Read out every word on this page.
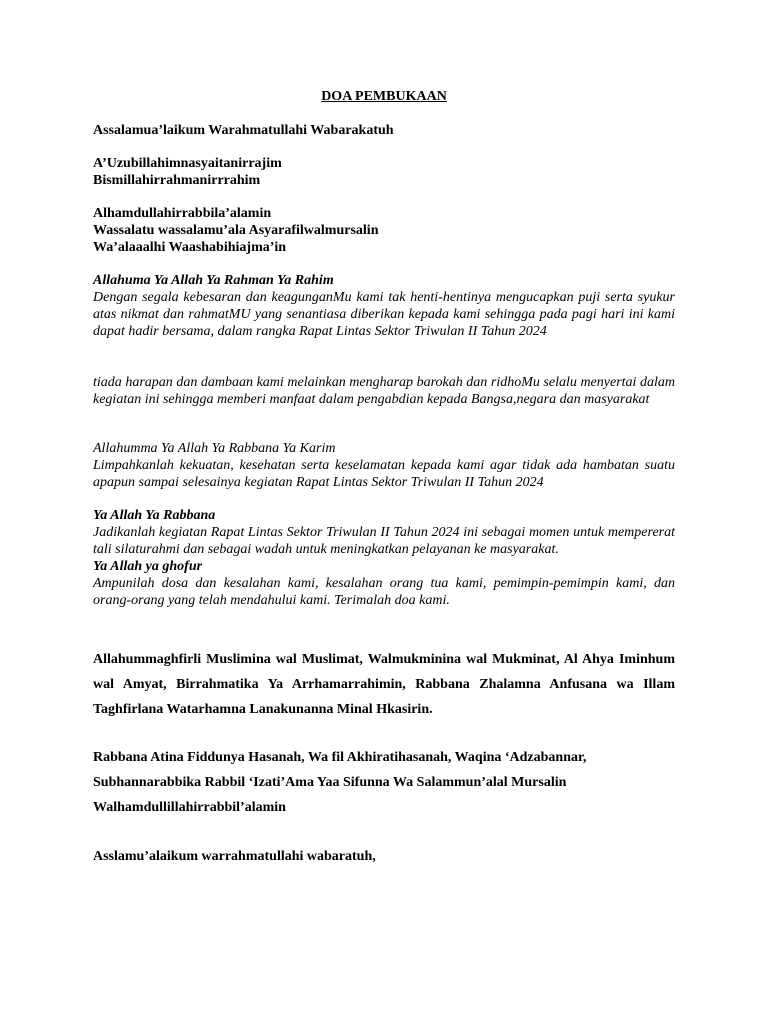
DOA PEMBUKAAN

Assalamua’laikum Warahmatullahi Wabarakatuh

A’Uzubillahimnasyaitanirrajim
Bismillahirrahmanirrrahim
Alhamdullahirrabbila’alamin
Wassalatu wassalamu’ala Asyarafilwalmursalin
Wa’alaaalhi Waashabihiajma’in
Allahuma Ya Allah Ya Rahman Ya Rahim
Dengan segala kebesaran dan keagunganMu kami tak henti-hentinya mengucapkan puji serta syukur atas nikmat dan rahmatMU yang senantiasa diberikan kepada kami sehingga pada pagi hari ini kami dapat hadir bersama, dalam rangka Rapat Lintas Sektor Triwulan II Tahun 2024
tiada harapan dan dambaan kami melainkan mengharap barokah dan ridhoMu selalu menyertai dalam kegiatan ini sehingga memberi manfaat dalam pengabdian kepada Bangsa,negara dan masyarakat
Allahumma Ya Allah Ya Rabbana Ya Karim
Limpahkanlah kekuatan, kesehatan serta keselamatan kepada kami agar tidak ada hambatan suatu apapun sampai selesainya kegiatan Rapat Lintas Sektor Triwulan II Tahun 2024
Ya Allah Ya Rabbana
Jadikanlah kegiatan Rapat Lintas Sektor Triwulan II Tahun 2024 ini sebagai momen untuk mempererat tali silaturahmi dan sebagai wadah untuk meningkatkan pelayanan ke masyarakat.
Ya Allah ya ghofur
Ampunilah dosa dan kesalahan kami, kesalahan orang tua kami, pemimpin-pemimpin kami, dan orang-orang yang telah mendahului kami. Terimalah doa kami.
Allahummaghfirli Muslimina wal Muslimat, Walmukminina wal Mukminat, Al Ahya Iminhum wal Amyat, Birrahmatika Ya Arrhamarrahimin, Rabbana Zhalamna Anfusana wa Illam Taghfirlana Watarhamna Lanakunanna Minal Hkasirin.
Rabbana Atina Fiddunya Hasanah, Wa fil Akhiratihasanah, Waqina ‘Adzabannar,
Subhannarabbika Rabbil ‘Izati’Ama Yaa Sifunna Wa Salammun’alal Mursalin
Walhamdullillahirrabbil’alamin

Asslamu’alaikum warrahmatullahi wabaratuh,
